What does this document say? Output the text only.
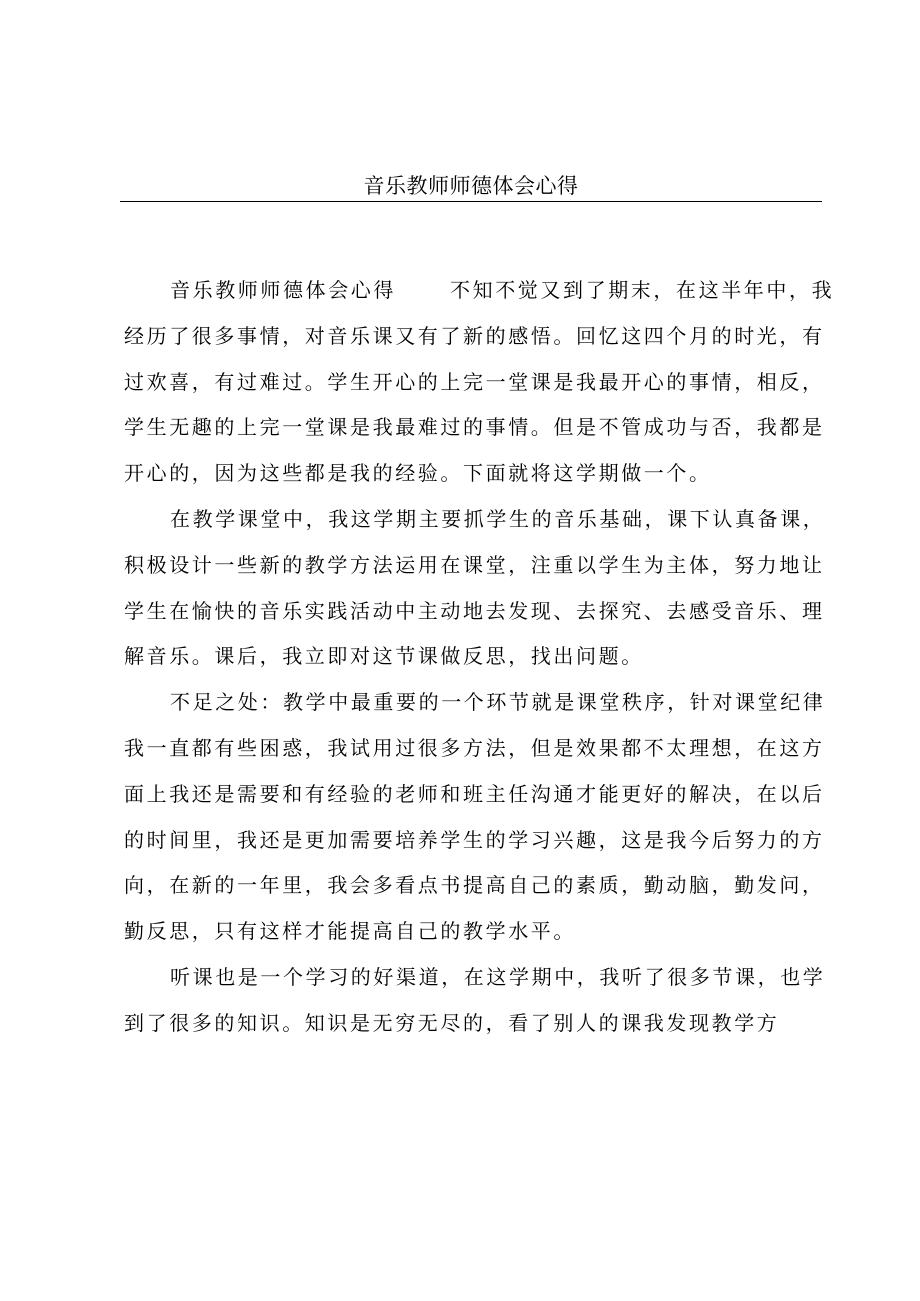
音乐教师师德体会心得

音乐教师师德体会心得	不知不觉又到了期末，在这半年中，我经历了很多事情，对音乐课又有了新的感悟。回忆这四个月的时光，有过欢喜，有过难过。学生开心的上完一堂课是我最开心的事情，相反，学生无趣的上完一堂课是我最难过的事情。但是不管成功与否，我都是开心的，因为这些都是我的经验。下面就将这学期做一个。

在教学课堂中，我这学期主要抓学生的音乐基础，课下认真备课，积极设计一些新的教学方法运用在课堂，注重以学生为主体，努力地让学生在愉快的音乐实践活动中主动地去发现、去探究、去感受音乐、理解音乐。课后，我立即对这节课做反思，找出问题。

不足之处：教学中最重要的一个环节就是课堂秩序，针对课堂纪律我一直都有些困惑，我试用过很多方法，但是效果都不太理想，在这方面上我还是需要和有经验的老师和班主任沟通才能更好的解决，在以后的时间里，我还是更加需要培养学生的学习兴趣，这是我今后努力的方向，在新的一年里，我会多看点书提高自己的素质，勤动脑，勤发问，勤反思，只有这样才能提高自己的教学水平。

听课也是一个学习的好渠道，在这学期中，我听了很多节课，也学到了很多的知识。知识是无穷无尽的，看了别人的课我发现教学方
